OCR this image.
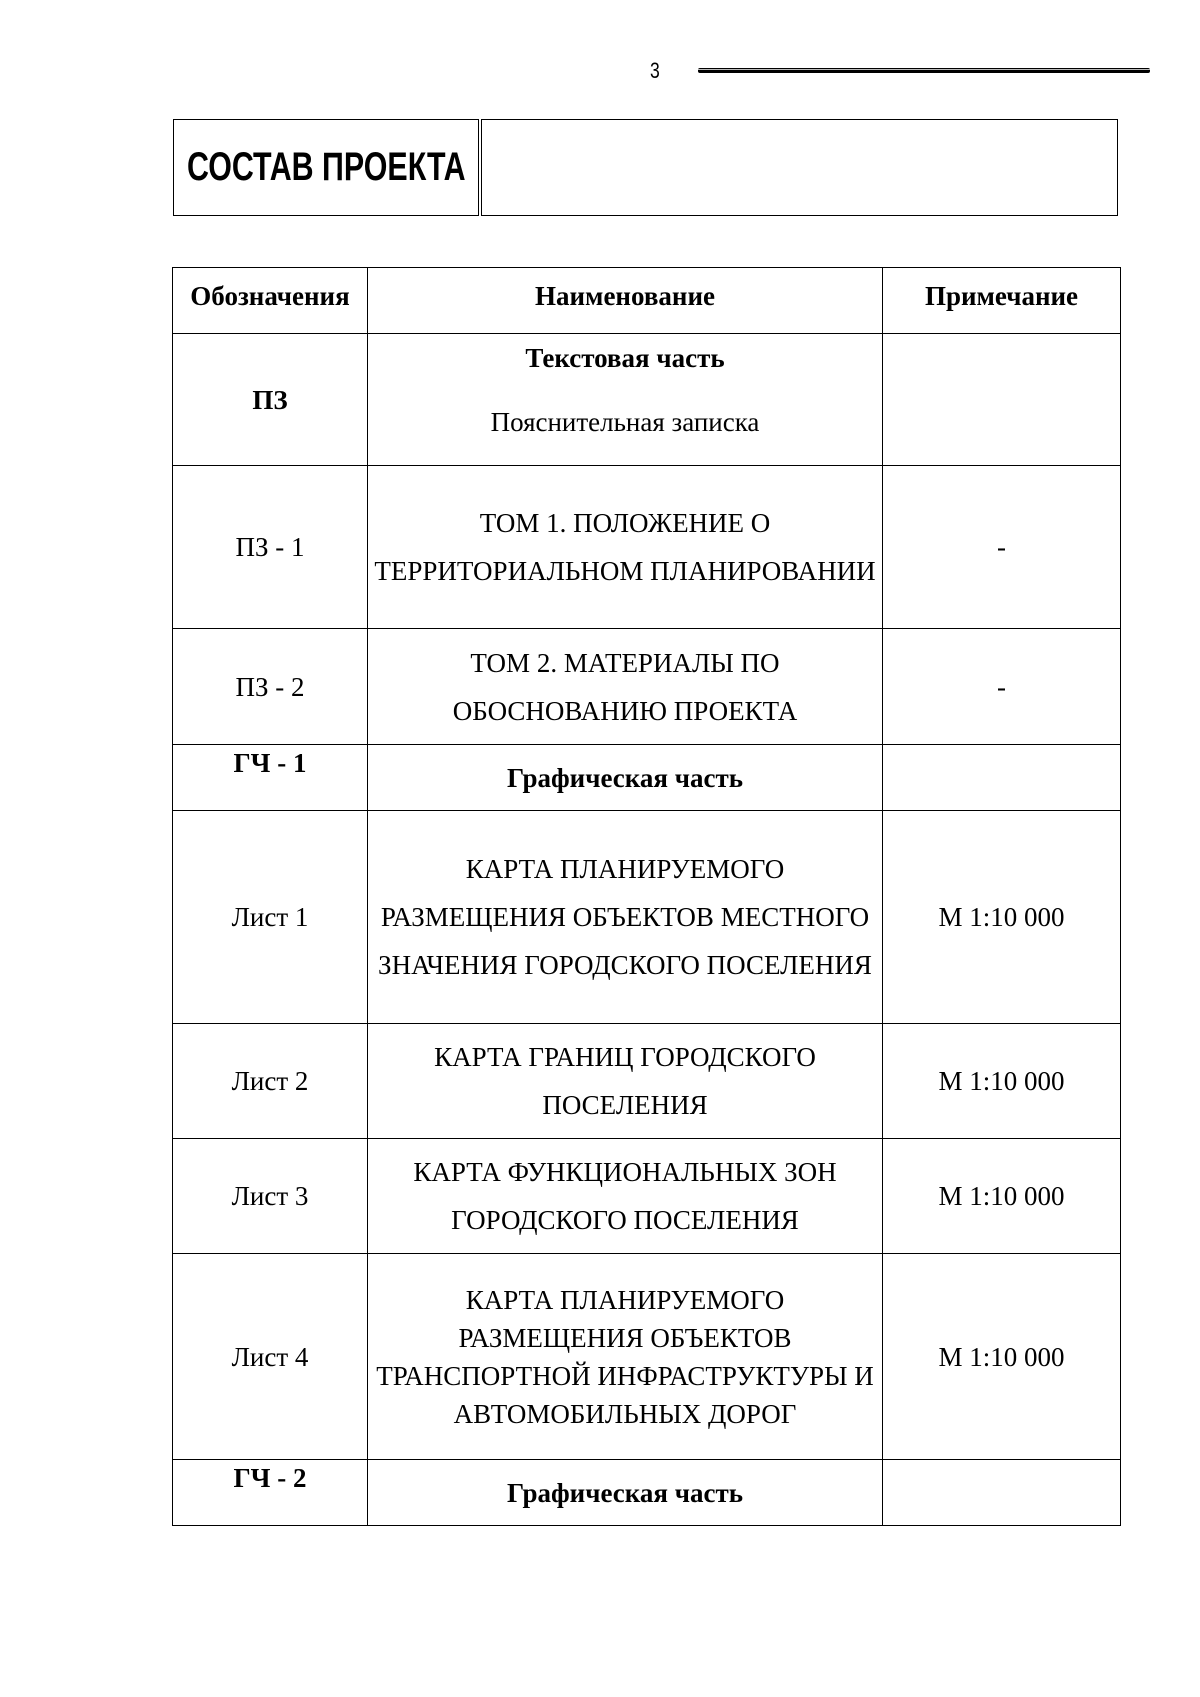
3
СОСТАВ ПРОЕКТА
Обозначения	Наименование	Примечание
ПЗ	Текстовая часть
Пояснительная записка	

ПЗ - 1	ТОМ 1. ПОЛОЖЕНИЕ О ТЕРРИТОРИАЛЬНОМ ПЛАНИРОВАНИИ	-
ПЗ - 2	ТОМ 2. МАТЕРИАЛЫ ПО ОБОСНОВАНИЮ ПРОЕКТА	-
ГЧ - 1	Графическая часть	
Лист 1	КАРТА ПЛАНИРУЕМОГО РАЗМЕЩЕНИЯ ОБЪЕКТОВ МЕСТНОГО ЗНАЧЕНИЯ ГОРОДСКОГО ПОСЕЛЕНИЯ	М 1:10 000
Лист 2	КАРТА ГРАНИЦ ГОРОДСКОГО ПОСЕЛЕНИЯ	М 1:10 000
Лист 3	КАРТА ФУНКЦИОНАЛЬНЫХ ЗОН ГОРОДСКОГО ПОСЕЛЕНИЯ	М 1:10 000
Лист 4	КАРТА ПЛАНИРУЕМОГО РАЗМЕЩЕНИЯ ОБЪЕКТОВ ТРАНСПОРТНОЙ ИНФРАСТРУКТУРЫ И АВТОМОБИЛЬНЫХ ДОРОГ	М 1:10 000
ГЧ - 2	Графическая часть	
